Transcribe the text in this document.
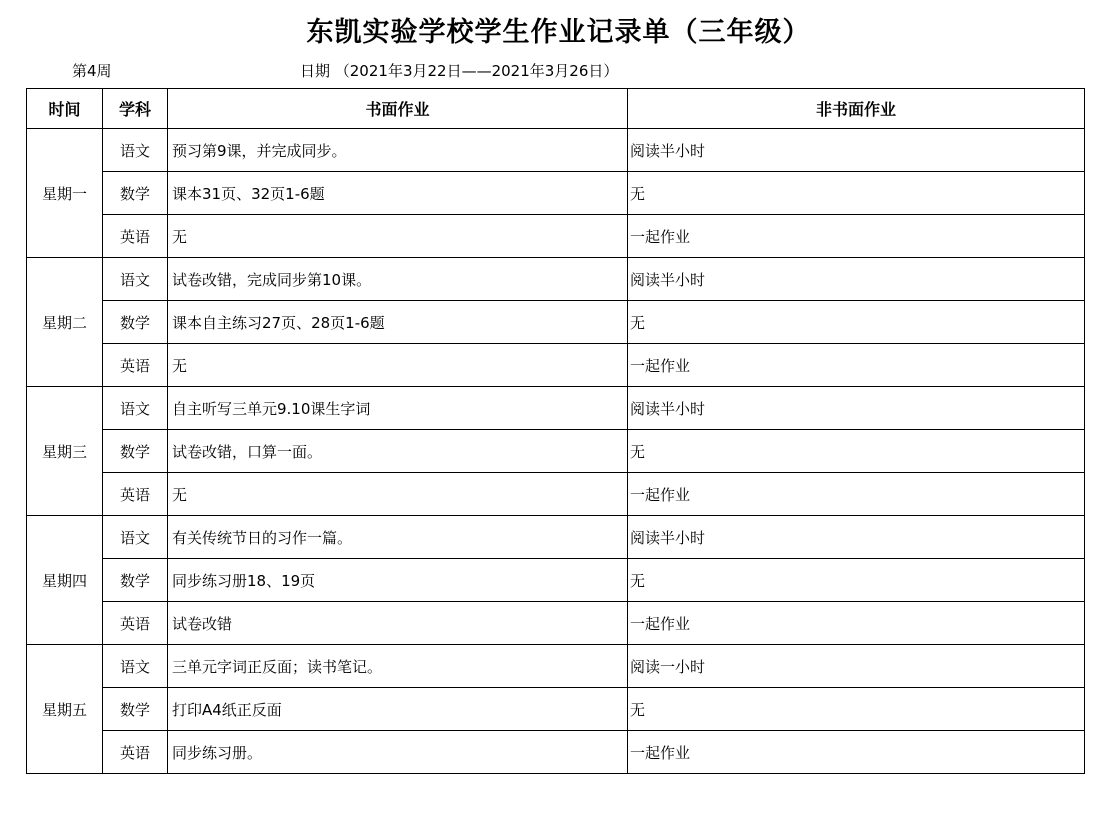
东凯实验学校学生作业记录单（三年级）
第4周	日期 （2021年3月22日——2021年3月26日）
时间	学科	书面作业	非书面作业
星期一	语文	预习第9课，并完成同步。	阅读半小时
	数学	课本31页、32页1-6题	无
	英语	无	一起作业
星期二	语文	试卷改错，完成同步第10课。	阅读半小时
	数学	课本自主练习27页、28页1-6题	无
	英语	无	一起作业
星期三	语文	自主听写三单元9.10课生字词	阅读半小时
	数学	试卷改错，口算一面。	无
	英语	无	一起作业
星期四	语文	有关传统节日的习作一篇。	阅读半小时
	数学	同步练习册18、19页	无
	英语	试卷改错	一起作业
星期五	语文	三单元字词正反面；读书笔记。	阅读一小时
	数学	打印A4纸正反面	无
	英语	同步练习册。	一起作业
